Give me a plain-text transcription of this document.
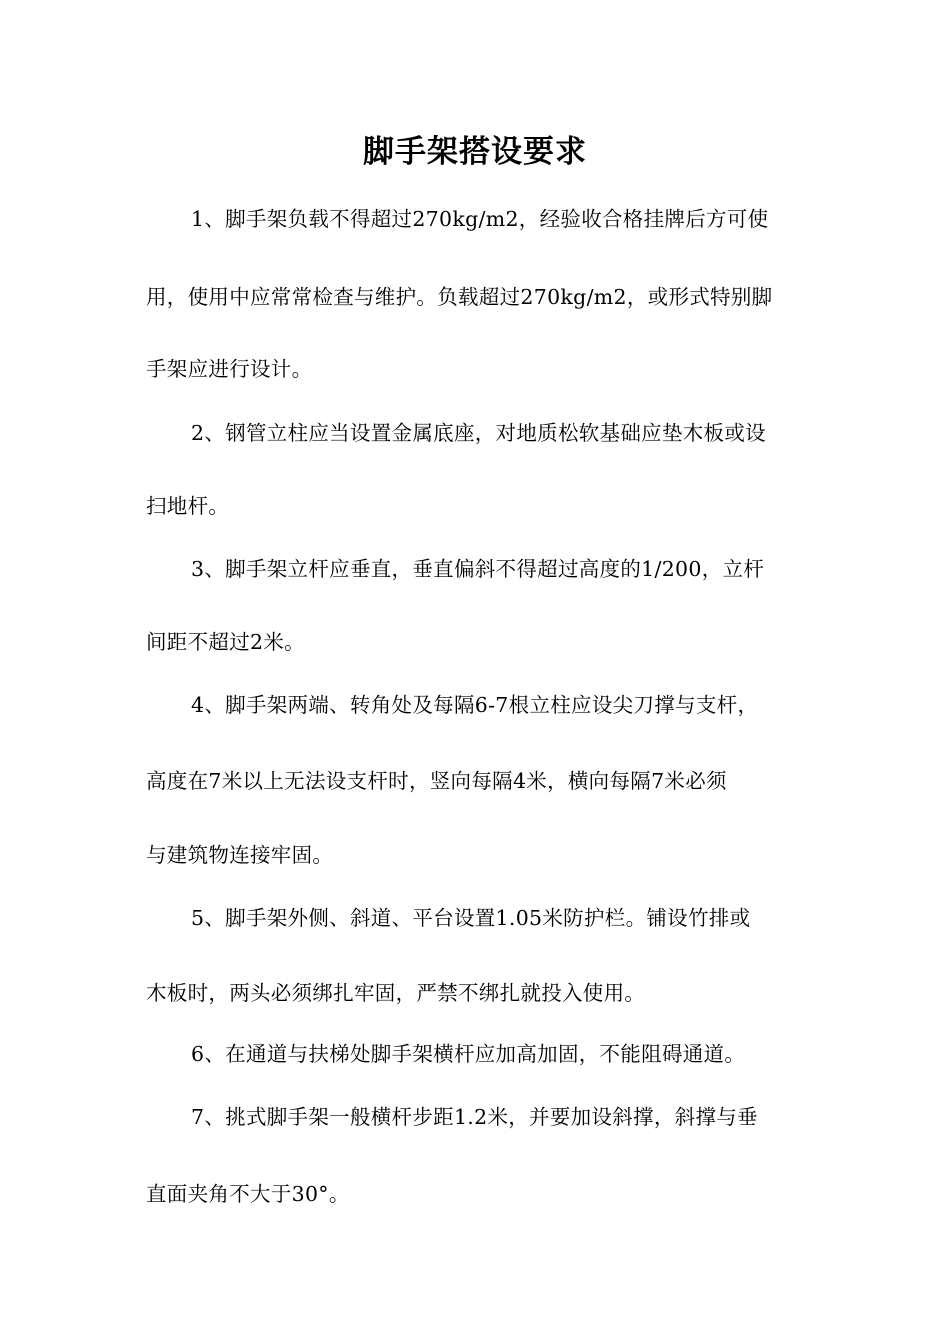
脚手架搭设要求
1、脚手架负载不得超过270kg/m2，经验收合格挂牌后方可使
用，使用中应常常检查与维护。负载超过270kg/m2，或形式特别脚
手架应进行设计。
2、钢管立柱应当设置金属底座，对地质松软基础应垫木板或设
扫地杆。
3、脚手架立杆应垂直，垂直偏斜不得超过高度的1/200，立杆
间距不超过2米。
4、脚手架两端、转角处及每隔6-7根立柱应设尖刀撑与支杆，
高度在7米以上无法设支杆时，竖向每隔4米，横向每隔7米必须
与建筑物连接牢固。
5、脚手架外侧、斜道、平台设置1.05米防护栏。铺设竹排或
木板时，两头必须绑扎牢固，严禁不绑扎就投入使用。
6、在通道与扶梯处脚手架横杆应加高加固，不能阻碍通道。
7、挑式脚手架一般横杆步距1.2米，并要加设斜撑，斜撑与垂
直面夹角不大于30°。
